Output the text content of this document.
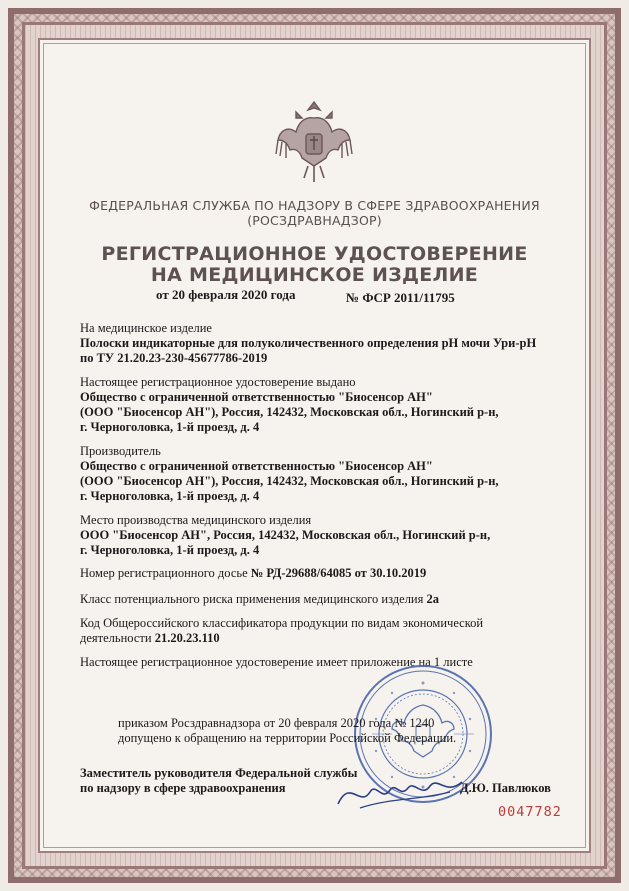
ФЕДЕРАЛЬНАЯ СЛУЖБА ПО НАДЗОРУ В СФЕРЕ ЗДРАВООХРАНЕНИЯ
(РОСЗДРАВНАДЗОР)
РЕГИСТРАЦИОННОЕ УДОСТОВЕРЕНИЕ
НА МЕДИЦИНСКОЕ ИЗДЕЛИЕ
от 20 февраля 2020 года	№ ФСР 2011/11795
На медицинское изделие
Полоски индикаторные для полуколичественного определения pH мочи Ури-рН
по ТУ 21.20.23-230-45677786-2019
Настоящее регистрационное удостоверение выдано
Общество с ограниченной ответственностью "Биосенсор АН"
(ООО "Биосенсор АН"), Россия, 142432, Московская обл., Ногинский р-н,
г. Черноголовка, 1-й проезд, д. 4
Производитель
Общество с ограниченной ответственностью "Биосенсор АН"
(ООО "Биосенсор АН"), Россия, 142432, Московская обл., Ногинский р-н,
г. Черноголовка, 1-й проезд, д. 4
Место производства медицинского изделия
ООО "Биосенсор АН", Россия, 142432, Московская обл., Ногинский р-н,
г. Черноголовка, 1-й проезд, д. 4
Номер регистрационного досье № РД-29688/64085 от 30.10.2019
Класс потенциального риска применения медицинского изделия 2а
Код Общероссийского классификатора продукции по видам экономической
деятельности 21.20.23.110
Настоящее регистрационное удостоверение имеет приложение на 1 листе
приказом Росздравнадзора от 20 февраля 2020 года № 1240
допущено к обращению на территории Российской Федерации.
Заместитель руководителя Федеральной службы
по надзору в сфере здравоохранения	Д.Ю. Павлюков
0047782
